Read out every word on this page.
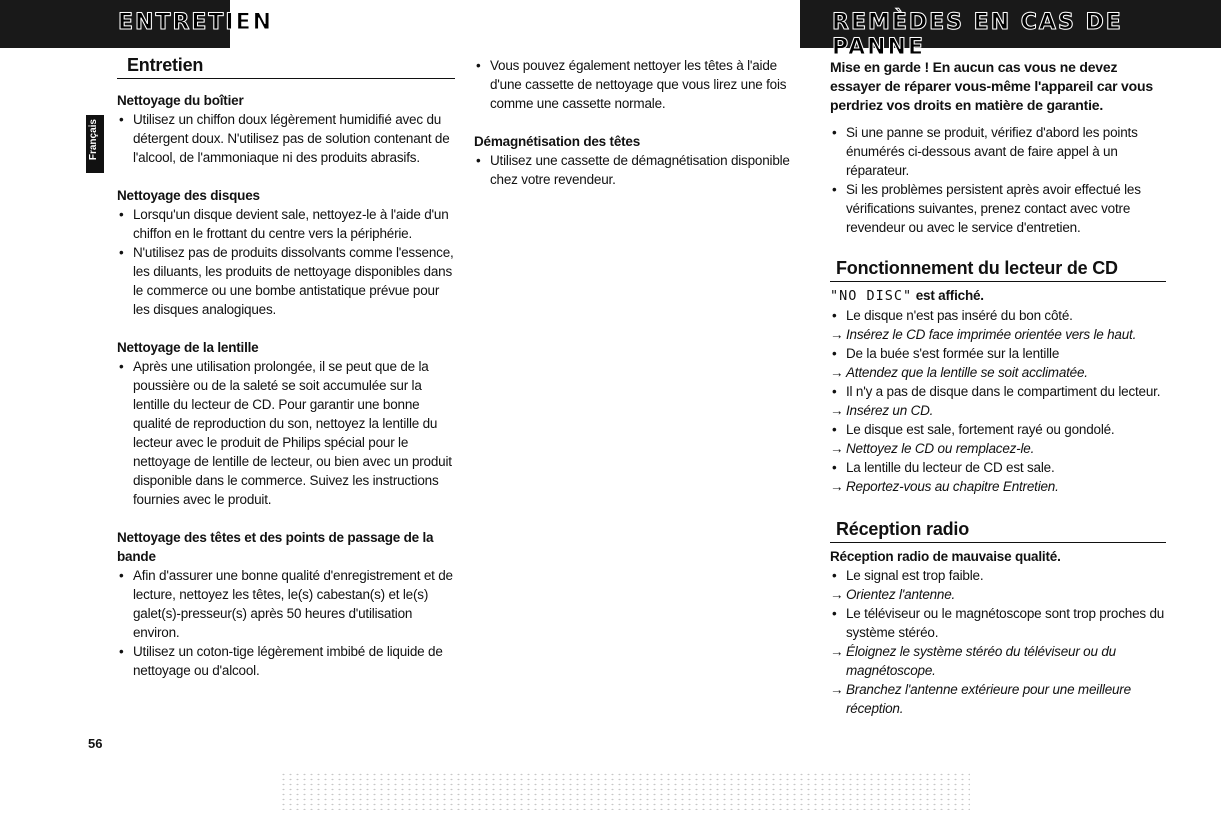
ENTRETIEN	REMÈDES EN CAS DE PANNE
Français
Entretien
Nettoyage du boîtier
• Utilisez un chiffon doux légèrement humidifié avec du détergent doux. N'utilisez pas de solution contenant de l'alcool, de l'ammoniaque ni des produits abrasifs.
Nettoyage des disques
• Lorsqu'un disque devient sale, nettoyez-le à l'aide d'un chiffon en le frottant du centre vers la périphérie.
• N'utilisez pas de produits dissolvants comme l'essence, les diluants, les produits de nettoyage disponibles dans le commerce ou une bombe antistatique prévue pour les disques analogiques.
Nettoyage de la lentille
• Après une utilisation prolongée, il se peut que de la poussière ou de la saleté se soit accumulée sur la lentille du lecteur de CD. Pour garantir une bonne qualité de reproduction du son, nettoyez la lentille du lecteur avec le produit de Philips spécial pour le nettoyage de lentille de lecteur, ou bien avec un produit disponible dans le commerce. Suivez les instructions fournies avec le produit.
Nettoyage des têtes et des points de passage de la bande
• Afin d'assurer une bonne qualité d'enregistrement et de lecture, nettoyez les têtes, le(s) cabestan(s) et le(s) galet(s)-presseur(s) après 50 heures d'utilisation environ.
• Utilisez un coton-tige légèrement imbibé de liquide de nettoyage ou d'alcool.
• Vous pouvez également nettoyer les têtes à l'aide d'une cassette de nettoyage que vous lirez une fois comme une cassette normale.
Démagnétisation des têtes
• Utilisez une cassette de démagnétisation disponible chez votre revendeur.
Mise en garde ! En aucun cas vous ne devez essayer de réparer vous-même l'appareil car vous perdriez vos droits en matière de garantie.
• Si une panne se produit, vérifiez d'abord les points énumérés ci-dessous avant de faire appel à un réparateur.
• Si les problèmes persistent après avoir effectué les vérifications suivantes, prenez contact avec votre revendeur ou avec le service d'entretien.
Fonctionnement du lecteur de CD
"NO DISC" est affiché.
• Le disque n'est pas inséré du bon côté.
→ Insérez le CD face imprimée orientée vers le haut.
• De la buée s'est formée sur la lentille
→ Attendez que la lentille se soit acclimatée.
• Il n'y a pas de disque dans le compartiment du lecteur.
→ Insérez un CD.
• Le disque est sale, fortement rayé ou gondolé.
→ Nettoyez le CD ou remplacez-le.
• La lentille du lecteur de CD est sale.
→ Reportez-vous au chapitre Entretien.
Réception radio
Réception radio de mauvaise qualité.
• Le signal est trop faible.
→ Orientez l'antenne.
• Le téléviseur ou le magnétoscope sont trop proches du système stéréo.
→ Éloignez le système stéréo du téléviseur ou du magnétoscope.
→ Branchez l'antenne extérieure pour une meilleure réception.
56
